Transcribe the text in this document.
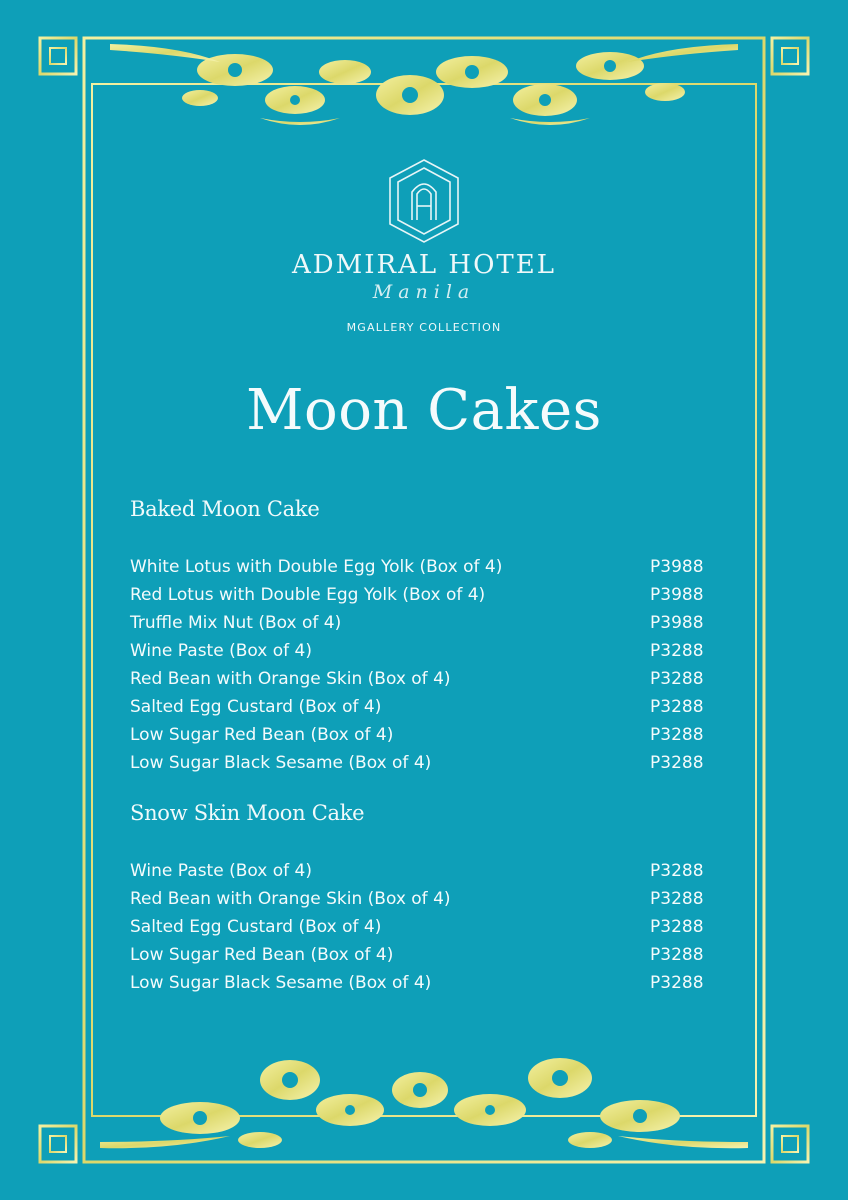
ADMIRAL HOTEL
Manila
MGALLERY COLLECTION
Moon Cakes
Baked Moon Cake
White Lotus with Double Egg Yolk (Box of 4)	P3988
Red Lotus with Double Egg Yolk (Box of 4)	P3988
Truffle Mix Nut (Box of 4)	P3988
Wine Paste (Box of 4)	P3288
Red Bean with Orange Skin (Box of 4)	P3288
Salted Egg Custard (Box of 4)	P3288
Low Sugar Red Bean (Box of 4)	P3288
Low Sugar Black Sesame (Box of 4)	P3288
Snow Skin Moon Cake
Wine Paste (Box of 4)	P3288
Red Bean with Orange Skin (Box of 4)	P3288
Salted Egg Custard (Box of 4)	P3288
Low Sugar Red Bean (Box of 4)	P3288
Low Sugar Black Sesame (Box of 4)	P3288
